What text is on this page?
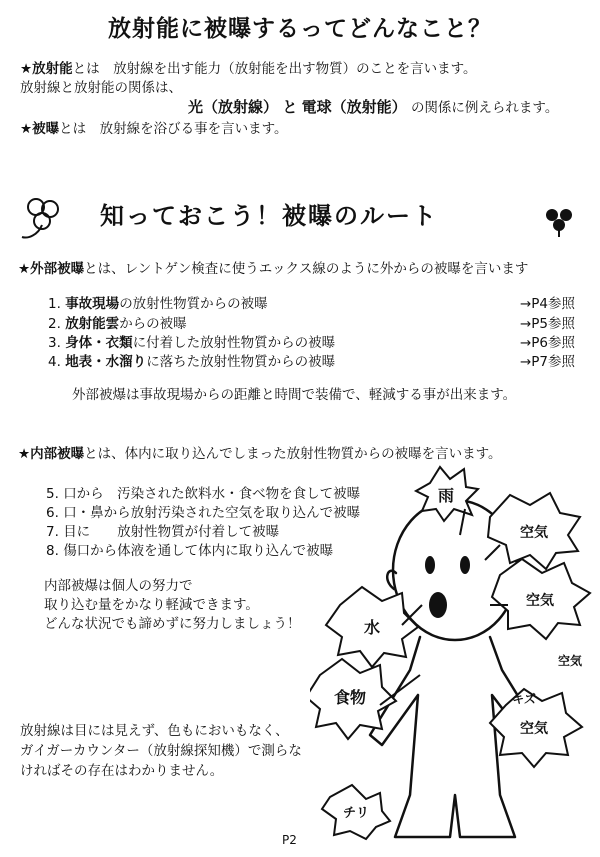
放射能に被曝するってどんなこと？
★放射能とは　放射線を出す能力（放射能を出す物質）のことを言います。
放射線と放射能の関係は、
光（放射線） と 電球（放射能） の関係に例えられます。
★被曝とは　放射線を浴びる事を言います。
知っておこう！被曝のルート
★外部被曝とは、レントゲン検査に使うエックス線のように外からの被曝を言います
1. 事故現場の放射性物質からの被曝	→P4参照
2. 放射能雲からの被曝	→P5参照
3. 身体・衣類に付着した放射性物質からの被曝	→P6参照
4. 地表・水溜りに落ちた放射性物質からの被曝	→P7参照
外部被爆は事故現場からの距離と時間で装備で、軽減する事が出来ます。
★内部被曝とは、体内に取り込んでしまった放射性物質からの被曝を言います。
5. 口から　汚染された飲料水・食べ物を食して被曝
6. 口・鼻から放射汚染された空気を取り込んで被曝
7. 目に　　放射性物質が付着して被曝
8. 傷口から体液を通して体内に取り込んで被曝
内部被爆は個人の努力で
取り込む量をかなり軽減できます。
どんな状況でも諦めずに努力しましょう！
放射線は目には見えず、色もにおいもなく、
ガイガーカウンター（放射線探知機）で測らな
ければその存在はわかりません。
雨
空気
空気
水
食物
空気
チリ
キズ
空気
P2
